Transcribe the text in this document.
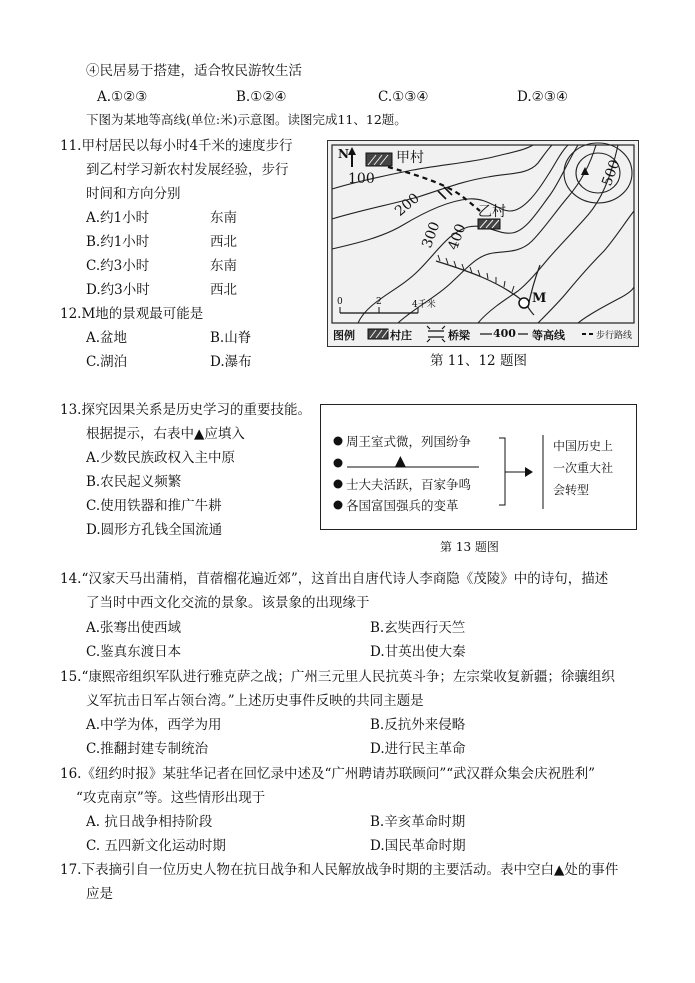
④民居易于搭建，适合牧民游牧生活
A.①②③	B.①②④	C.①③④	D.②③④
下图为某地等高线(单位:米)示意图。读图完成11、12题。
11.甲村居民以每小时4千米的速度步行
到乙村学习新农村发展经验，步行
时间和方向分别
A.约1小时	东南
B.约1小时	西北
C.约3小时	东南
D.约3小时	西北
12.M地的景观最可能是
A.盆地	B.山脊
C.湖泊	D.瀑布
N	甲村
乙村
100
200
300 400
500
M
0	2	4千米
图例	村庄	桥梁 400 等高线	步行路线
第 11、12 题图
13.探究因果关系是历史学习的重要技能。
根据提示，右表中▲应填入
A.少数民族政权入主中原
B.农民起义频繁
C.使用铁器和推广牛耕
D.圆形方孔钱全国流通
周王室式微，列国纷争
▲
士大夫活跃，百家争鸣
各国富国强兵的变革
中国历史上
一次重大社
会转型
第 13 题图
14.“汉家天马出蒲梢，苜蓿榴花遍近郊”，这首出自唐代诗人李商隐《茂陵》中的诗句，描述
了当时中西文化交流的景象。该景象的出现缘于
A.张骞出使西域	B.玄奘西行天竺
C.鉴真东渡日本	D.甘英出使大秦
15.“康熙帝组织军队进行雅克萨之战；广州三元里人民抗英斗争；左宗棠收复新疆；徐骧组织
义军抗击日军占领台湾。”上述历史事件反映的共同主题是
A.中学为体，西学为用	B.反抗外来侵略
C.推翻封建专制统治	D.进行民主革命
16.《纽约时报》某驻华记者在回忆录中述及“广州聘请苏联顾问”“武汉群众集会庆祝胜利”
“攻克南京”等。这些情形出现于
A. 抗日战争相持阶段	B.辛亥革命时期
C. 五四新文化运动时期	D.国民革命时期
17.下表摘引自一位历史人物在抗日战争和人民解放战争时期的主要活动。表中空白▲处的事件
应是
